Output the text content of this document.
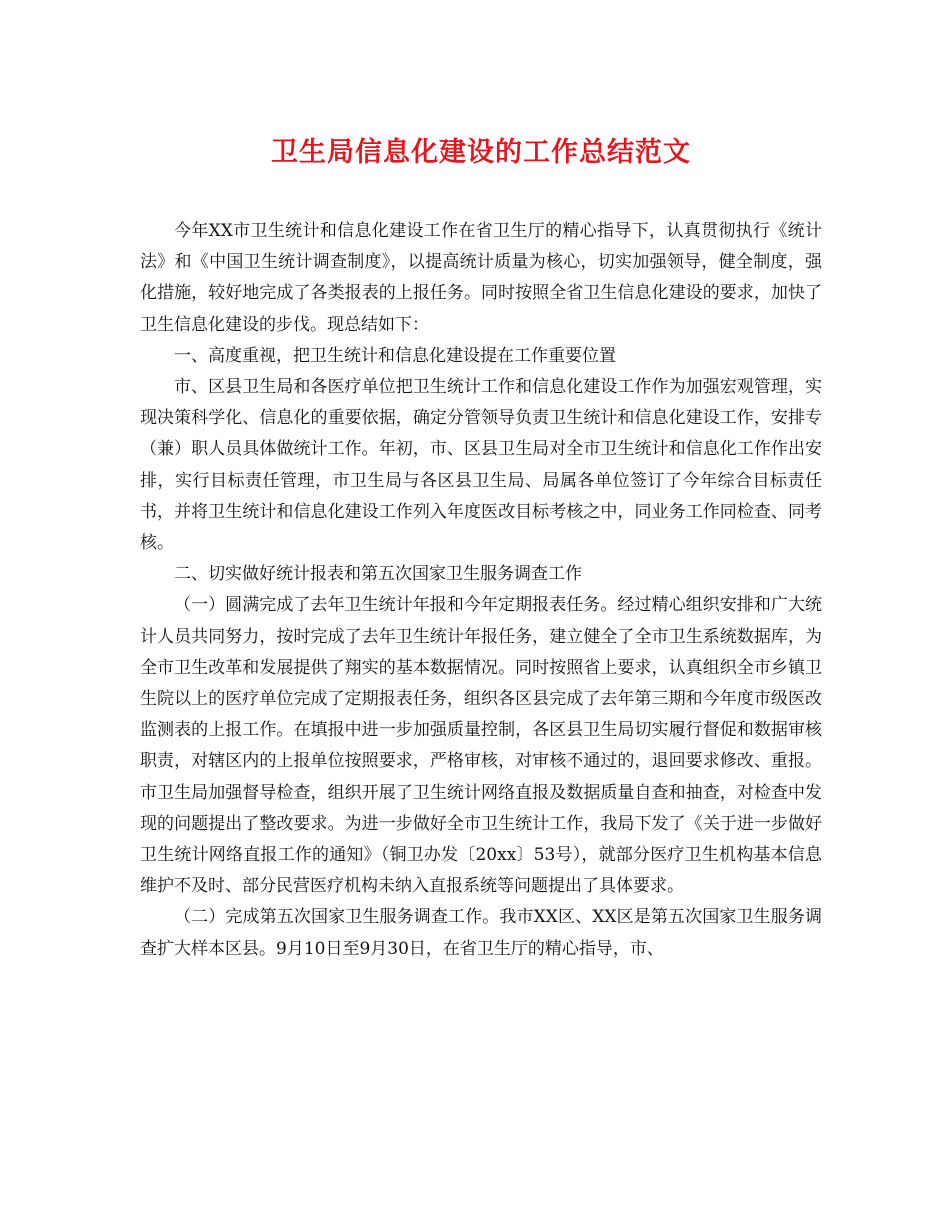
卫生局信息化建设的工作总结范文

今年XX市卫生统计和信息化建设工作在省卫生厅的精心指导下，认真贯彻执行《统计法》和《中国卫生统计调查制度》，以提高统计质量为核心，切实加强领导，健全制度，强化措施，较好地完成了各类报表的上报任务。同时按照全省卫生信息化建设的要求，加快了卫生信息化建设的步伐。现总结如下：

一、高度重视，把卫生统计和信息化建设提在工作重要位置

市、区县卫生局和各医疗单位把卫生统计工作和信息化建设工作作为加强宏观管理，实现决策科学化、信息化的重要依据，确定分管领导负责卫生统计和信息化建设工作，安排专（兼）职人员具体做统计工作。年初，市、区县卫生局对全市卫生统计和信息化工作作出安排，实行目标责任管理，市卫生局与各区县卫生局、局属各单位签订了今年综合目标责任书，并将卫生统计和信息化建设工作列入年度医改目标考核之中，同业务工作同检查、同考核。

二、切实做好统计报表和第五次国家卫生服务调查工作

（一）圆满完成了去年卫生统计年报和今年定期报表任务。经过精心组织安排和广大统计人员共同努力，按时完成了去年卫生统计年报任务，建立健全了全市卫生系统数据库，为全市卫生改革和发展提供了翔实的基本数据情况。同时按照省上要求，认真组织全市乡镇卫生院以上的医疗单位完成了定期报表任务，组织各区县完成了去年第三期和今年度市级医改监测表的上报工作。在填报中进一步加强质量控制，各区县卫生局切实履行督促和数据审核职责，对辖区内的上报单位按照要求，严格审核，对审核不通过的，退回要求修改、重报。市卫生局加强督导检查，组织开展了卫生统计网络直报及数据质量自查和抽查，对检查中发现的问题提出了整改要求。为进一步做好全市卫生统计工作，我局下发了《关于进一步做好卫生统计网络直报工作的通知》（铜卫办发〔20xx〕53号），就部分医疗卫生机构基本信息维护不及时、部分民营医疗机构未纳入直报系统等问题提出了具体要求。

（二）完成第五次国家卫生服务调查工作。我市XX区、XX区是第五次国家卫生服务调查扩大样本区县。9月10日至9月30日，在省卫生厅的精心指导，市、
